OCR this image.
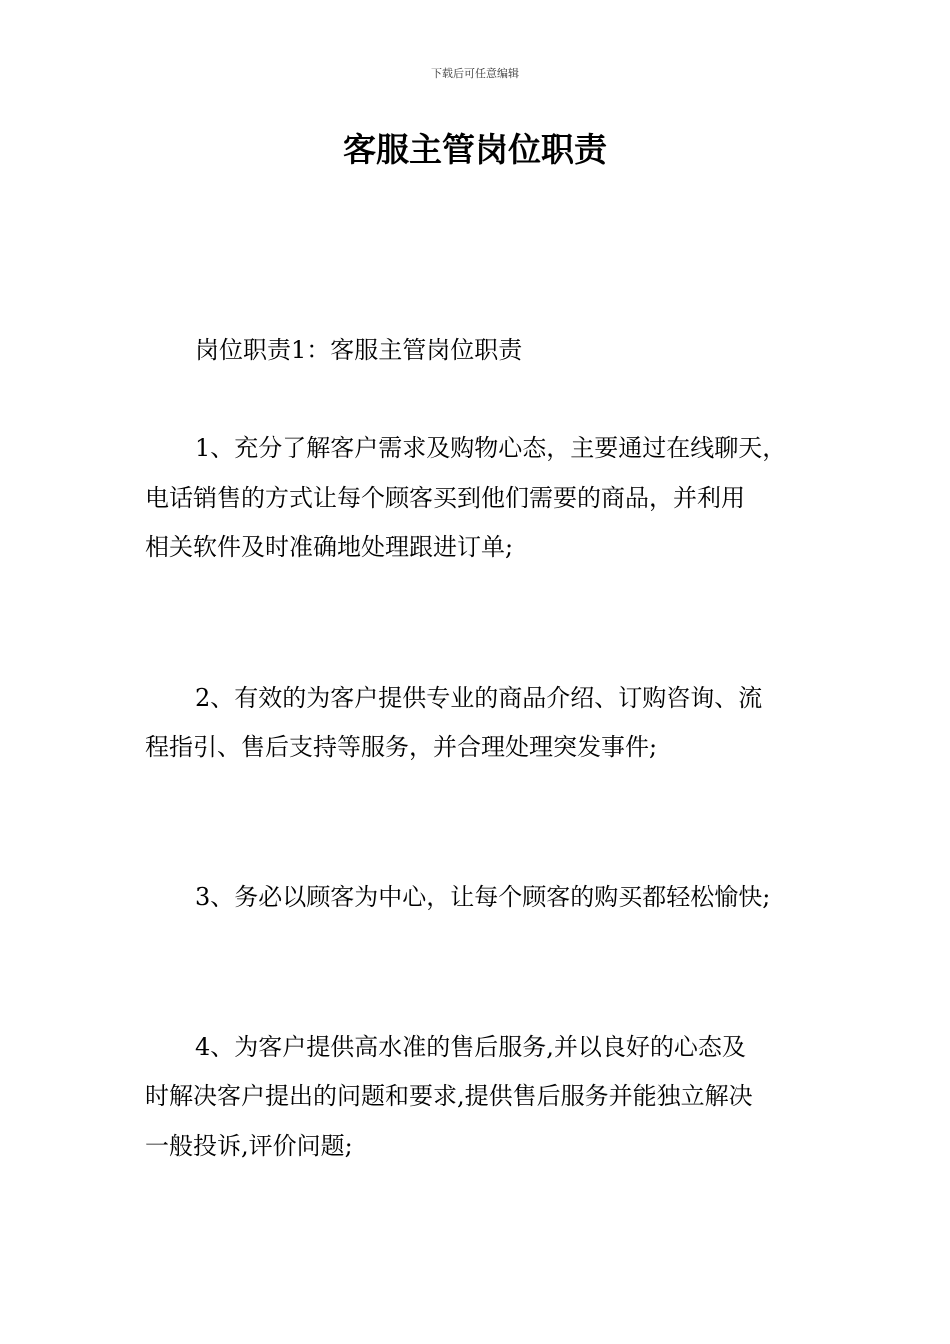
下载后可任意编辑
客服主管岗位职责
岗位职责1：客服主管岗位职责
1、充分了解客户需求及购物心态，主要通过在线聊天，
电话销售的方式让每个顾客买到他们需要的商品，并利用
相关软件及时准确地处理跟进订单;
2、有效的为客户提供专业的商品介绍、订购咨询、流
程指引、售后支持等服务，并合理处理突发事件;
3、务必以顾客为中心，让每个顾客的购买都轻松愉快;
4、为客户提供高水准的售后服务,并以良好的心态及
时解决客户提出的问题和要求,提供售后服务并能独立解决
一般投诉,评价问题;
